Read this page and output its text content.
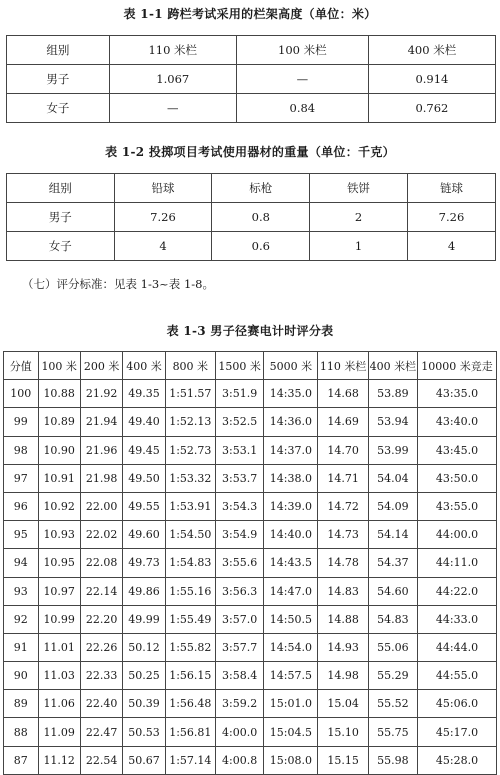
表 1-1 跨栏考试采用的栏架高度（单位：米）
组别	110 米栏	100 米栏	400 米栏
男子	1.067	—	0.914
女子	—	0.84	0.762
表 1-2 投掷项目考试使用器材的重量（单位：千克）
组别	铅球	标枪	铁饼	链球
男子	7.26	0.8	2	7.26
女子	4	0.6	1	4
（七）评分标准：见表 1-3~表 1-8。
表 1-3 男子径赛电计时评分表
分值	100 米	200 米	400 米	800 米	1500 米	5000 米	110 米栏	400 米栏	10000 米竞走
100	10.88	21.92	49.35	1:51.57	3:51.9	14:35.0	14.68	53.89	43:35.0
99	10.89	21.94	49.40	1:52.13	3:52.5	14:36.0	14.69	53.94	43:40.0
98	10.90	21.96	49.45	1:52.73	3:53.1	14:37.0	14.70	53.99	43:45.0
97	10.91	21.98	49.50	1:53.32	3:53.7	14:38.0	14.71	54.04	43:50.0
96	10.92	22.00	49.55	1:53.91	3:54.3	14:39.0	14.72	54.09	43:55.0
95	10.93	22.02	49.60	1:54.50	3:54.9	14:40.0	14.73	54.14	44:00.0
94	10.95	22.08	49.73	1:54.83	3:55.6	14:43.5	14.78	54.37	44:11.0
93	10.97	22.14	49.86	1:55.16	3:56.3	14:47.0	14.83	54.60	44:22.0
92	10.99	22.20	49.99	1:55.49	3:57.0	14:50.5	14.88	54.83	44:33.0
91	11.01	22.26	50.12	1:55.82	3:57.7	14:54.0	14.93	55.06	44:44.0
90	11.03	22.33	50.25	1:56.15	3:58.4	14:57.5	14.98	55.29	44:55.0
89	11.06	22.40	50.39	1:56.48	3:59.2	15:01.0	15.04	55.52	45:06.0
88	11.09	22.47	50.53	1:56.81	4:00.0	15:04.5	15.10	55.75	45:17.0
87	11.12	22.54	50.67	1:57.14	4:00.8	15:08.0	15.15	55.98	45:28.0
